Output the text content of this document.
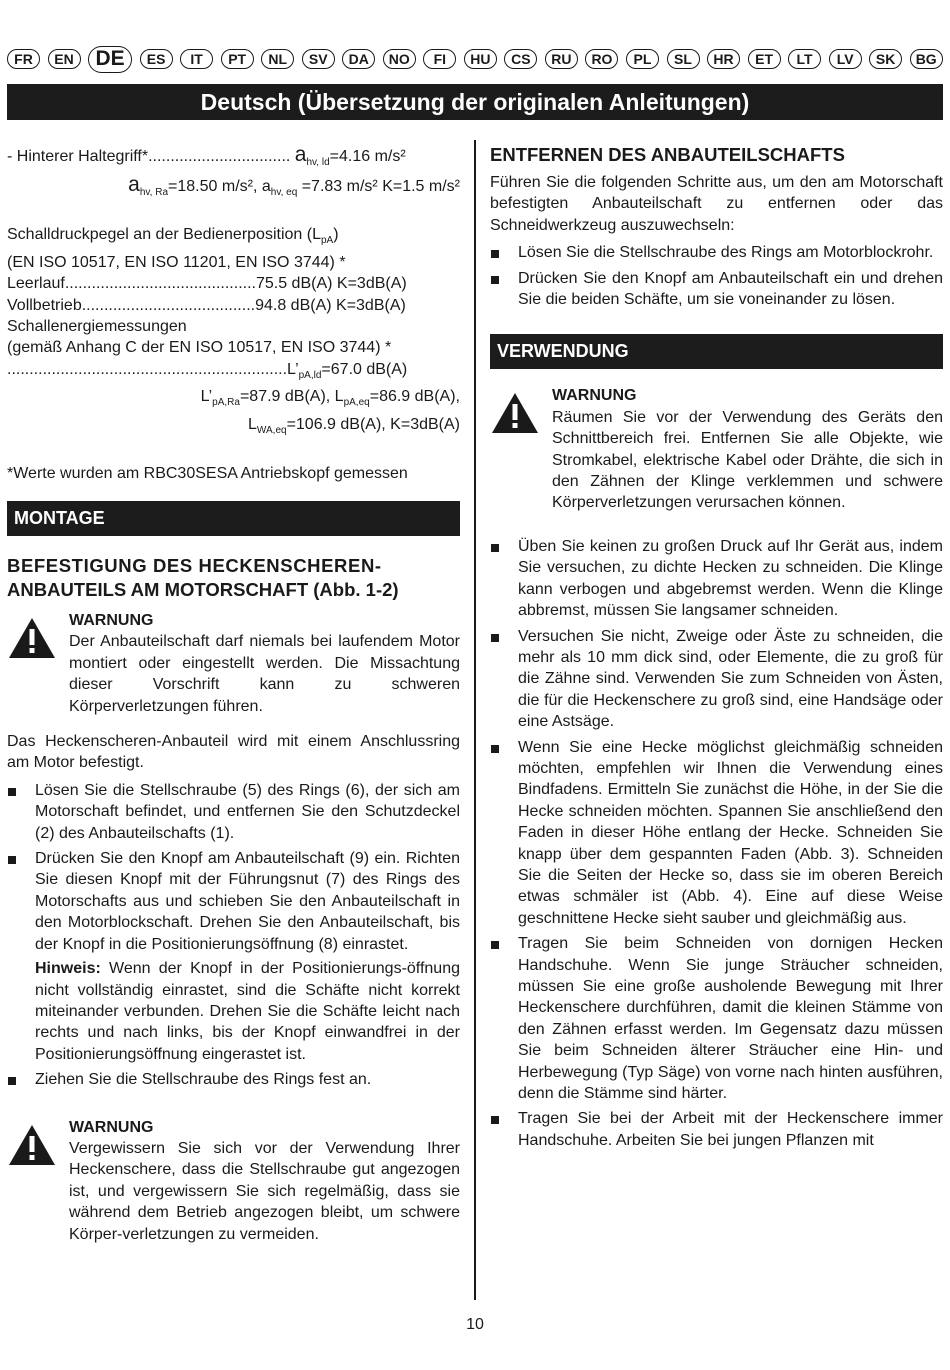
FR	EN	DE	ES	IT	PT	NL	SV	DA	NO	FI	HU	CS	RU	RO	PL	SL	HR	ET	LT	LV	SK	BG
Deutsch (Übersetzung der originalen Anleitungen)
- Hinterer Haltegriff*................................ $a_{hv, ld}=4.16$ m/s²
$a_{hv, Ra}=18.50$ m/s², $a_{hv, eq} =7.83$ m/s² K=1.5 m/s²
Schalldruckpegel an der Bedienerposition $(L_{pA})$
(EN ISO 10517, EN ISO 11201, EN ISO 3744) *
Leerlauf...........................................75.5 dB(A) K=3dB(A)
Vollbetrieb.......................................94.8 dB(A) K=3dB(A)
Schallenergiemessungen
(gemäß Anhang C der EN ISO 10517, EN ISO 3744) *
$...............................................................L’_{pA,ld}=67.0$ dB(A)
$L’_{pA,Ra}=87.9$ dB(A), $L_{pA,eq}=86.9$ dB(A),
$L_{WA,eq}=106.9$ dB(A), K=3dB(A)
*Werte wurden am RBC30SESA Antriebskopf gemessen
MONTAGE
BEFESTIGUNG DES HECKENSCHEREN-
ANBAUTEILS AM MOTORSCHAFT (Abb. 1-2)
WARNUNG
Der Anbauteilschaft darf niemals bei laufendem Motor montiert oder eingestellt werden. Die Missachtung dieser Vorschrift kann zu schweren Körperverletzungen führen.
Das Heckenscheren-Anbauteil wird mit einem Anschlussring am Motor befestigt.
Lösen Sie die Stellschraube (5) des Rings (6), der sich am Motorschaft befindet, und entfernen Sie den Schutzdeckel (2) des Anbauteilschafts (1).
Drücken Sie den Knopf am Anbauteilschaft (9) ein. Richten Sie diesen Knopf mit der Führungsnut (7) des Rings des Motorschafts aus und schieben Sie den Anbauteilschaft in den Motorblockschaft. Drehen Sie den Anbauteilschaft, bis der Knopf in die Positionierungsöffnung (8) einrastet.
Hinweis: Wenn der Knopf in der Positionierungs-öffnung nicht vollständig einrastet, sind die Schäfte nicht korrekt miteinander verbunden. Drehen Sie die Schäfte leicht nach rechts und nach links, bis der Knopf einwandfrei in der Positionierungsöffnung eingerastet ist.
Ziehen Sie die Stellschraube des Rings fest an.
WARNUNG
Vergewissern Sie sich vor der Verwendung Ihrer Heckenschere, dass die Stellschraube gut angezogen ist, und vergewissern Sie sich regelmäßig, dass sie während dem Betrieb angezogen bleibt, um schwere Körper-verletzungen zu vermeiden.
ENTFERNEN DES ANBAUTEILSCHAFTS
Führen Sie die folgenden Schritte aus, um den am Motorschaft befestigten Anbauteilschaft zu entfernen oder das Schneidwerkzeug auszuwechseln:
Lösen Sie die Stellschraube des Rings am Motorblockrohr.
Drücken Sie den Knopf am Anbauteilschaft ein und drehen Sie die beiden Schäfte, um sie voneinander zu lösen.
VERWENDUNG
WARNUNG
Räumen Sie vor der Verwendung des Geräts den Schnittbereich frei. Entfernen Sie alle Objekte, wie Stromkabel, elektrische Kabel oder Drähte, die sich in den Zähnen der Klinge verklemmen und schwere Körperverletzungen verursachen können.
Üben Sie keinen zu großen Druck auf Ihr Gerät aus, indem Sie versuchen, zu dichte Hecken zu schneiden. Die Klinge kann verbogen und abgebremst werden. Wenn die Klinge abbremst, müssen Sie langsamer schneiden.
Versuchen Sie nicht, Zweige oder Äste zu schneiden, die mehr als 10 mm dick sind, oder Elemente, die zu groß für die Zähne sind. Verwenden Sie zum Schneiden von Ästen, die für die Heckenschere zu groß sind, eine Handsäge oder eine Astsäge.
Wenn Sie eine Hecke möglichst gleichmäßig schneiden möchten, empfehlen wir Ihnen die Verwendung eines Bindfadens. Ermitteln Sie zunächst die Höhe, in der Sie die Hecke schneiden möchten. Spannen Sie anschließend den Faden in dieser Höhe entlang der Hecke. Schneiden Sie knapp über dem gespannten Faden (Abb. 3). Schneiden Sie die Seiten der Hecke so, dass sie im oberen Bereich etwas schmäler ist (Abb. 4). Eine auf diese Weise geschnittene Hecke sieht sauber und gleichmäßig aus.
Tragen Sie beim Schneiden von dornigen Hecken Handschuhe. Wenn Sie junge Sträucher schneiden, müssen Sie eine große ausholende Bewegung mit Ihrer Heckenschere durchführen, damit die kleinen Stämme von den Zähnen erfasst werden. Im Gegensatz dazu müssen Sie beim Schneiden älterer Sträucher eine Hin- und Herbewegung (Typ Säge) von vorne nach hinten ausführen, denn die Stämme sind härter.
Tragen Sie bei der Arbeit mit der Heckenschere immer Handschuhe. Arbeiten Sie bei jungen Pflanzen mit
10
